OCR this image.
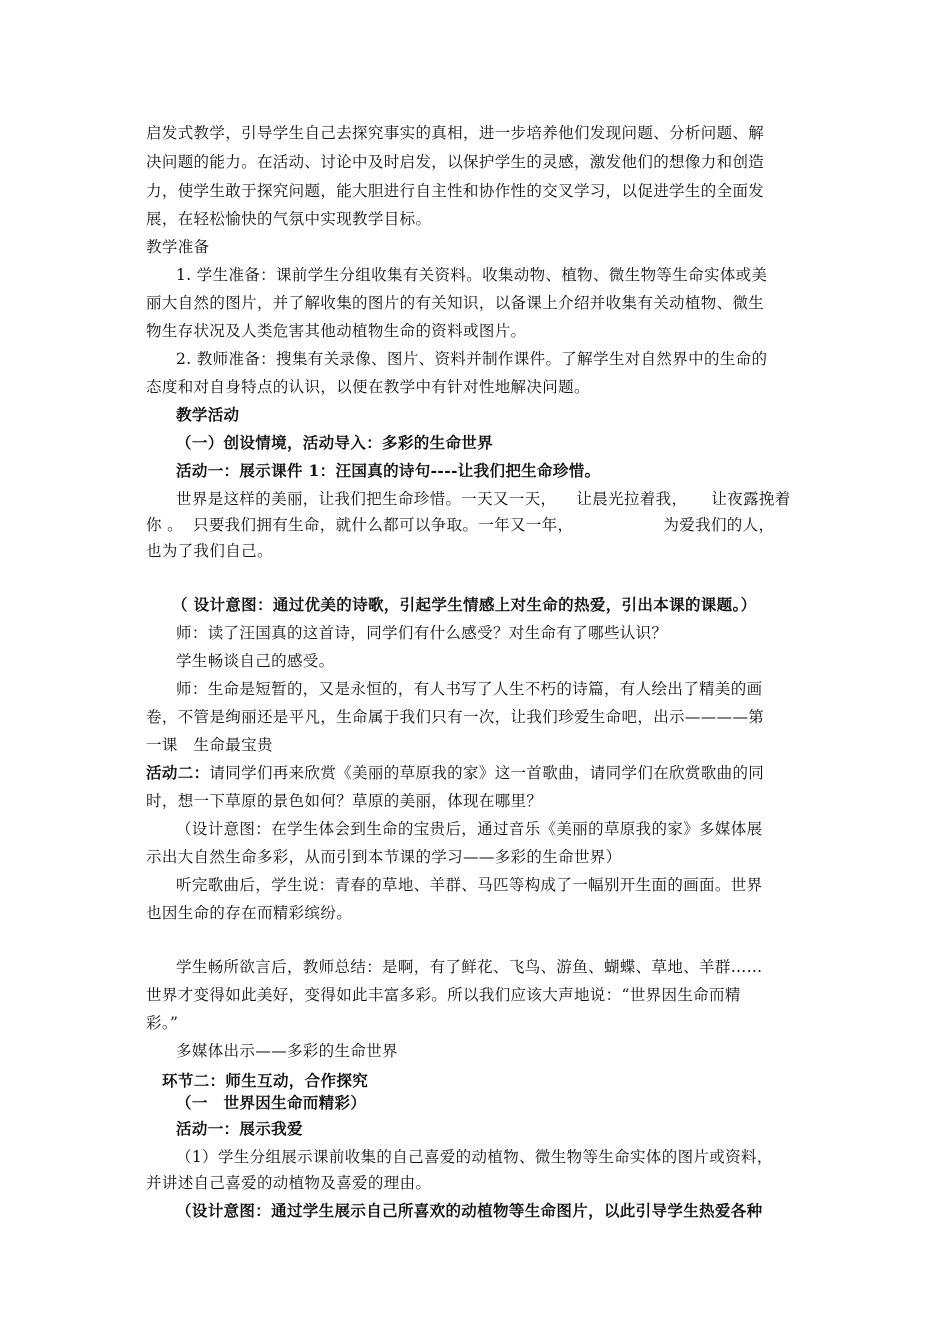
启发式教学，引导学生自己去探究事实的真相，进一步培养他们发现问题、分析问题、解
决问题的能力。在活动、讨论中及时启发，以保护学生的灵感，激发他们的想像力和创造
力，使学生敢于探究问题，能大胆进行自主性和协作性的交叉学习，以促进学生的全面发
展，在轻松愉快的气氛中实现教学目标。
教学准备
1. 学生准备：课前学生分组收集有关资料。收集动物、植物、微生物等生命实体或美
丽大自然的图片，并了解收集的图片的有关知识，以备课上介绍并收集有关动植物、微生
物生存状况及人类危害其他动植物生命的资料或图片。
2. 教师准备：搜集有关录像、图片、资料并制作课件。了解学生对自然界中的生命的
态度和对自身特点的认识，以便在教学中有针对性地解决问题。
教学活动
（一）创设情境，活动导入：多彩的生命世界
活动一：展示课件 1：汪国真的诗句----让我们把生命珍惜。
世界是这样的美丽，让我们把生命珍惜。一天又一天， 让晨光拉着我， 让夜露挽着
你 。 只要我们拥有生命，就什么都可以争取。一年又一年，	为爱我们的人，
也为了我们自己。
（ 设计意图：通过优美的诗歌，引起学生情感上对生命的热爱，引出本课的课题。）
师：读了汪国真的这首诗，同学们有什么感受？对生命有了哪些认识？
学生畅谈自己的感受。
师：生命是短暂的，又是永恒的，有人书写了人生不朽的诗篇，有人绘出了精美的画
卷，不管是绚丽还是平凡，生命属于我们只有一次，让我们珍爱生命吧，出示————第
一课　生命最宝贵
活动二：请同学们再来欣赏《美丽的草原我的家》这一首歌曲，请同学们在欣赏歌曲的同
时，想一下草原的景色如何？草原的美丽，体现在哪里？
（设计意图：在学生体会到生命的宝贵后，通过音乐《美丽的草原我的家》多媒体展
示出大自然生命多彩，从而引到本节课的学习——多彩的生命世界）
听完歌曲后，学生说：青春的草地、羊群、马匹等构成了一幅别开生面的画面。世界
也因生命的存在而精彩缤纷。
学生畅所欲言后，教师总结：是啊，有了鲜花、飞鸟、游鱼、蝴蝶、草地、羊群……
世界才变得如此美好，变得如此丰富多彩。所以我们应该大声地说：“世界因生命而精
彩。”
多媒体出示——多彩的生命世界
环节二：师生互动，合作探究
（一　世界因生命而精彩）
活动一：展示我爱
（1）学生分组展示课前收集的自己喜爱的动植物、微生物等生命实体的图片或资料，
并讲述自己喜爱的动植物及喜爱的理由。
（设计意图：通过学生展示自己所喜欢的动植物等生命图片，以此引导学生热爱各种
